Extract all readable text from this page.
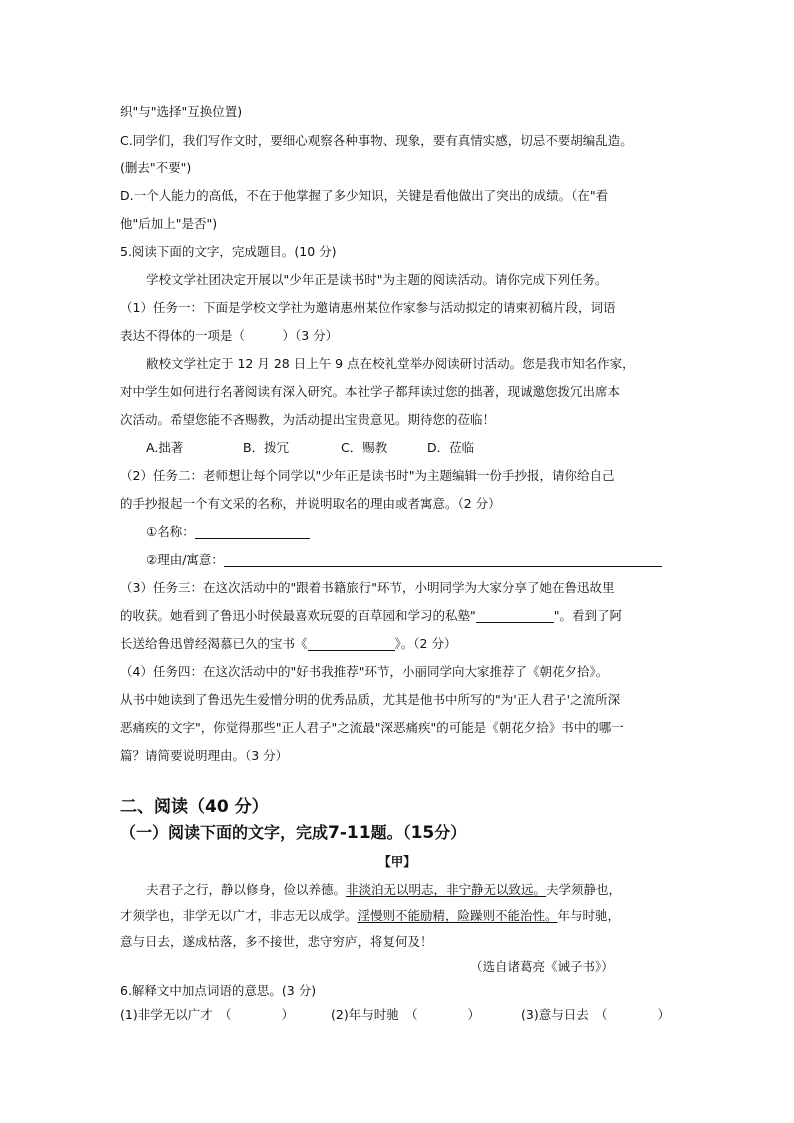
织"与"选择"互换位置)
C.同学们，我们写作文时，要细心观察各种事物、现象，要有真情实感，切忌不要胡编乱造。
(删去"不要")
D.一个人能力的高低，不在于他掌握了多少知识，关键是看他做出了突出的成绩。（在"看
他"后加上"是否")
5.阅读下面的文字，完成题目。(10 分)
学校文学社团决定开展以"少年正是读书时"为主题的阅读活动。请你完成下列任务。
（1）任务一：下面是学校文学社为邀请惠州某位作家参与活动拟定的请柬初稿片段，词语
表达不得体的一项是（　　　）（3 分）
敝校文学社定于 12 月 28 日上午 9 点在校礼堂举办阅读研讨活动。您是我市知名作家，
对中学生如何进行名著阅读有深入研究。本社学子都拜读过您的拙著，现诚邀您拨冗出席本
次活动。希望您能不吝赐教，为活动提出宝贵意见。期待您的莅临！
A.拙著	B．拨冗	C．赐教	D．莅临
（2）任务二：老师想让每个同学以"少年正是读书时"为主题编辑一份手抄报，请你给自己
的手抄报起一个有文采的名称，并说明取名的理由或者寓意。（2 分）
①名称：
②理由/寓意：
（3）任务三：在这次活动中的"跟着书籍旅行"环节，小明同学为大家分享了她在鲁迅故里
的收获。她看到了鲁迅小时侯最喜欢玩耍的百草园和学习的私塾"	"。看到了阿
长送给鲁迅曾经渴慕已久的宝书《	》。（2 分）
（4）任务四：在这次活动中的"好书我推荐"环节，小丽同学向大家推荐了《朝花夕拾》。
从书中她读到了鲁迅先生爱憎分明的优秀品质，尤其是他书中所写的"为'正人君子'之流所深
恶痛疾的文字"，你觉得那些"正人君子"之流最"深恶痛疾"的可能是《朝花夕拾》书中的哪一
篇？请简要说明理由。（3 分）
二、阅读（40 分）
（一）阅读下面的文字，完成7-11题。（15分）
【甲】
夫君子之行，静以修身，俭以养德。非淡泊无以明志，非宁静无以致远。夫学须静也，
才须学也，非学无以广才，非志无以成学。淫慢则不能励精，险躁则不能治性。年与时驰，
意与日去，遂成枯落，多不接世，悲守穷庐，将复何及！
（选自诸葛亮《诫子书》）
6.解释文中加点词语的意思。(3 分)
(1)非学无以广才　（　　　　）	(2)年与时驰　（　　　　）	(3)意与日去　（　　　　）
